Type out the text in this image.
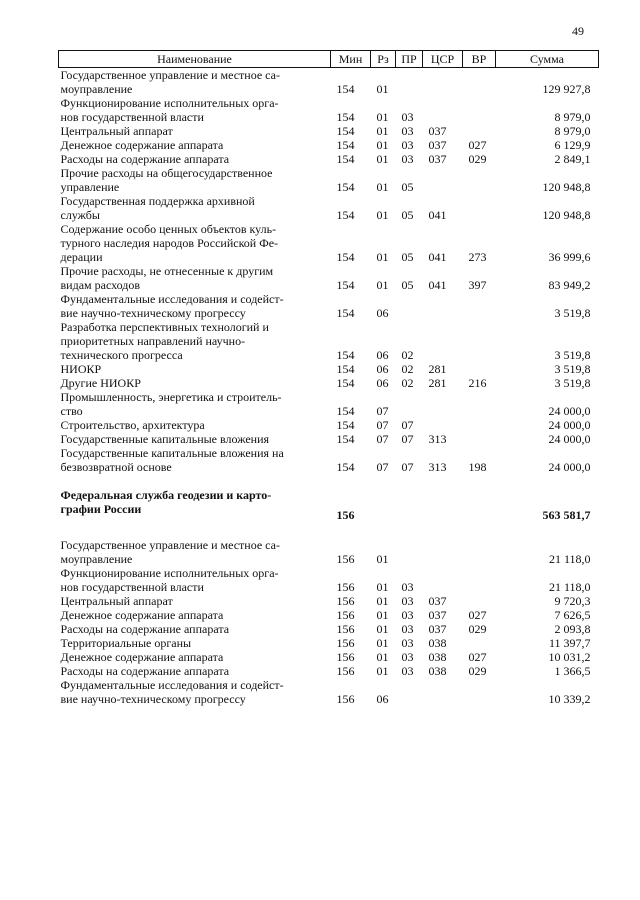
49
Наименование	Мин	Рз	ПР	ЦСР	ВР	Сумма
Государственное управление и местное са-
моуправление	154	01				129 927,8
Функционирование исполнительных орга-
нов государственной власти	154	01	03			8 979,0
Центральный аппарат	154	01	03	037		8 979,0
Денежное содержание аппарата	154	01	03	037	027	6 129,9
Расходы на содержание аппарата	154	01	03	037	029	2 849,1
Прочие расходы на общегосударственное
управление	154	01	05			120 948,8
Государственная поддержка архивной
службы	154	01	05	041		120 948,8
Содержание особо ценных объектов куль-
турного наследия народов Российской Фе-
дерации	154	01	05	041	273	36 999,6
Прочие расходы, не отнесенные к другим
видам расходов	154	01	05	041	397	83 949,2
Фундаментальные исследования и содейст-
вие научно-техническому прогрессу	154	06				3 519,8
Разработка перспективных технологий и
приоритетных направлений научно-
технического прогресса	154	06	02			3 519,8
НИОКР	154	06	02	281		3 519,8
Другие НИОКР	154	06	02	281	216	3 519,8
Промышленность, энергетика и строитель-
ство	154	07				24 000,0
Строительство, архитектура	154	07	07			24 000,0
Государственные капитальные вложения	154	07	07	313		24 000,0
Государственные капитальные вложения на
безвозвратной основе	154	07	07	313	198	24 000,0
Федеральная служба геодезии и карто-
графии России	156					563 581,7
Государственное управление и местное са-
моуправление	156	01				21 118,0
Функционирование исполнительных орга-
нов государственной власти	156	01	03			21 118,0
Центральный аппарат	156	01	03	037		9 720,3
Денежное содержание аппарата	156	01	03	037	027	7 626,5
Расходы на содержание аппарата	156	01	03	037	029	2 093,8
Территориальные органы	156	01	03	038		11 397,7
Денежное содержание аппарата	156	01	03	038	027	10 031,2
Расходы на содержание аппарата	156	01	03	038	029	1 366,5
Фундаментальные исследования и содейст-
вие научно-техническому прогрессу	156	06				10 339,2
